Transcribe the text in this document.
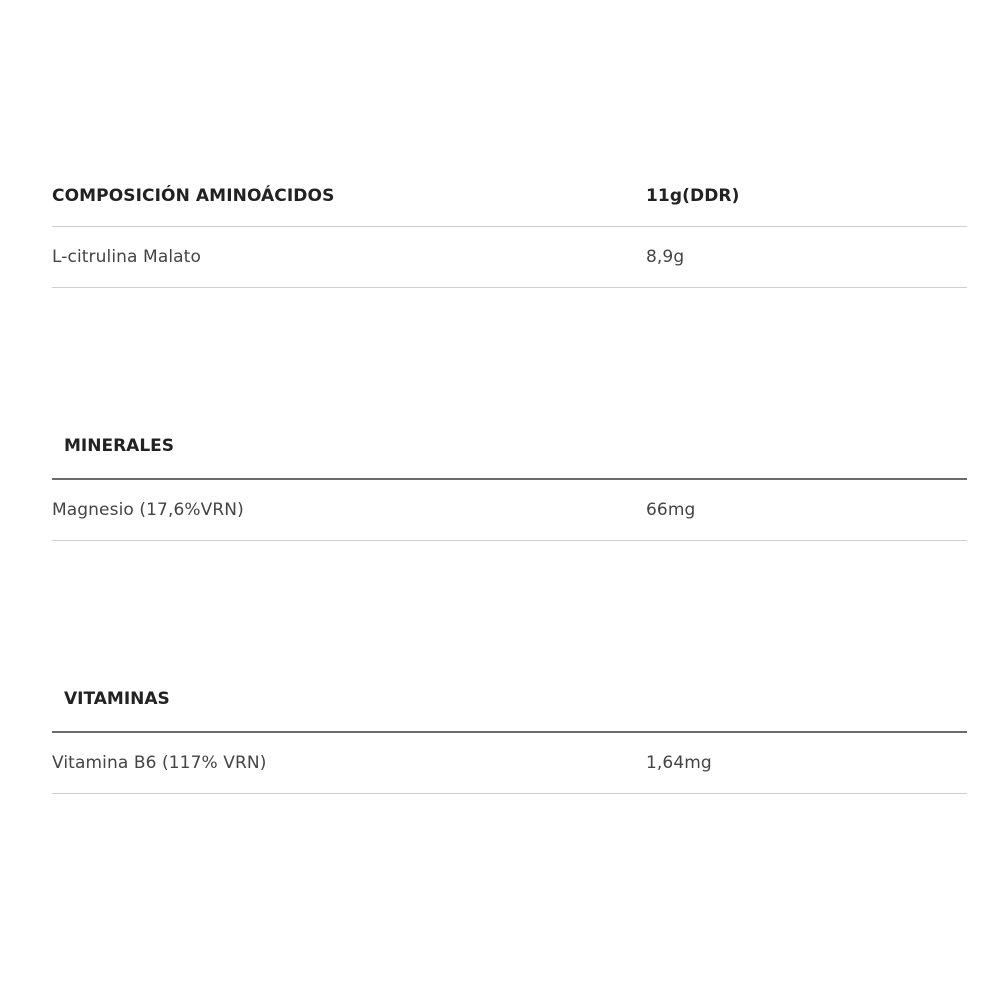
COMPOSICIÓN AMINOÁCIDOS	11g(DDR)
L-citrulina Malato	8,9g
MINERALES
Magnesio (17,6%VRN)	66mg
VITAMINAS
Vitamina B6 (117% VRN)	1,64mg
